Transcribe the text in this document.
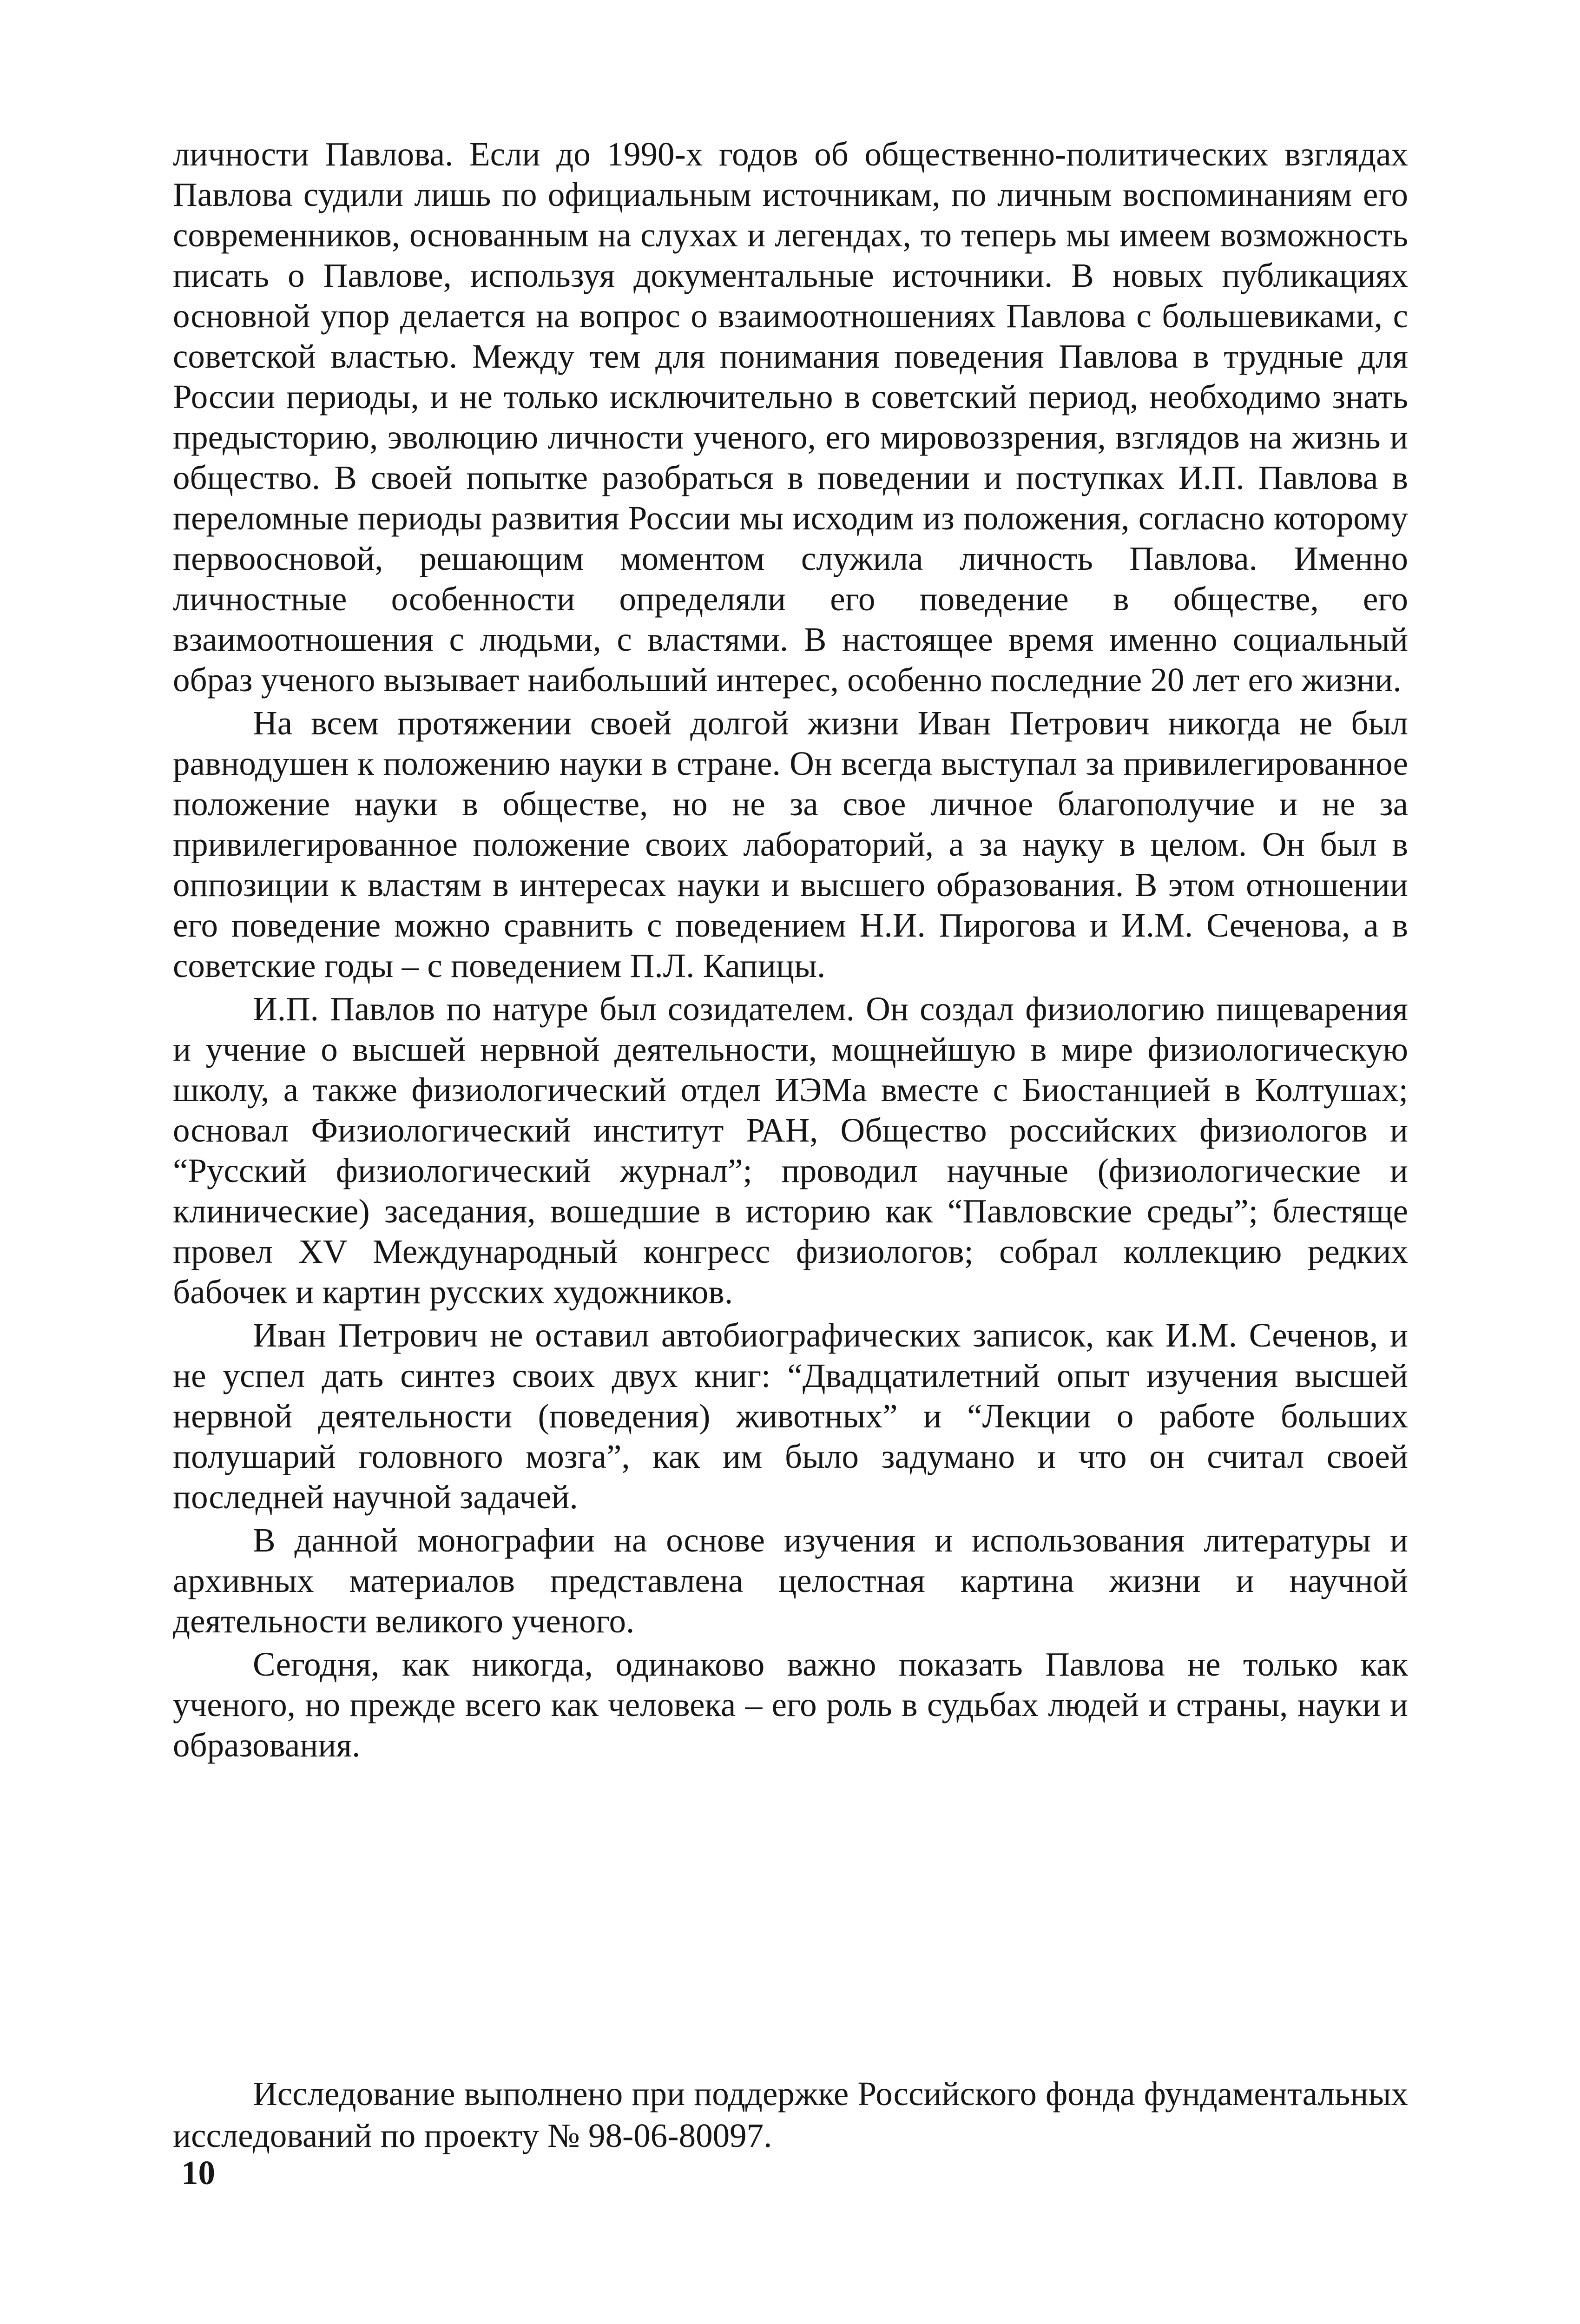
личности Павлова. Если до 1990-х годов об общественно-политических взглядах Павлова судили лишь по официальным источникам, по личным воспоминаниям его современников, основанным на слухах и легендах, то теперь мы имеем возможность писать о Павлове, используя документальные источники. В новых публикациях основной упор делается на вопрос о взаимоотношениях Павлова с большевиками, с советской властью. Между тем для понимания поведения Павлова в трудные для России периоды, и не только исключительно в советский период, необходимо знать предысторию, эволюцию личности ученого, его мировоззрения, взглядов на жизнь и общество. В своей попытке разобраться в поведении и поступках И.П. Павлова в переломные периоды развития России мы исходим из положения, согласно которому первоосновой, решающим моментом служила личность Павлова. Именно личностные особенности определяли его поведение в обществе, его взаимоотношения с людьми, с властями. В настоящее время именно социальный образ ученого вызывает наибольший интерес, особенно последние 20 лет его жизни.

На всем протяжении своей долгой жизни Иван Петрович никогда не был равнодушен к положению науки в стране. Он всегда выступал за привилегированное положение науки в обществе, но не за свое личное благополучие и не за привилегированное положение своих лабораторий, а за науку в целом. Он был в оппозиции к властям в интересах науки и высшего образования. В этом отношении его поведение можно сравнить с поведением Н.И. Пирогова и И.М. Сеченова, а в советские годы – с поведением П.Л. Капицы.

И.П. Павлов по натуре был созидателем. Он создал физиологию пищеварения и учение о высшей нервной деятельности, мощнейшую в мире физиологическую школу, а также физиологический отдел ИЭМа вместе с Биостанцией в Колтушах; основал Физиологический институт РАН, Общество российских физиологов и “Русский физиологический журнал”; проводил научные (физиологические и клинические) заседания, вошедшие в историю как “Павловские среды”; блестяще провел XV Международный конгресс физиологов; собрал коллекцию редких бабочек и картин русских художников.

Иван Петрович не оставил автобиографических записок, как И.М. Сеченов, и не успел дать синтез своих двух книг: “Двадцатилетний опыт изучения высшей нервной деятельности (поведения) животных” и “Лекции о работе больших полушарий головного мозга”, как им было задумано и что он считал своей последней научной задачей.

В данной монографии на основе изучения и использования литературы и архивных материалов представлена целостная картина жизни и научной деятельности великого ученого.

Сегодня, как никогда, одинаково важно показать Павлова не только как ученого, но прежде всего как человека – его роль в судьбах людей и страны, науки и образования.

Исследование выполнено при поддержке Российского фонда фундаментальных исследований по проекту № 98-06-80097.

10
